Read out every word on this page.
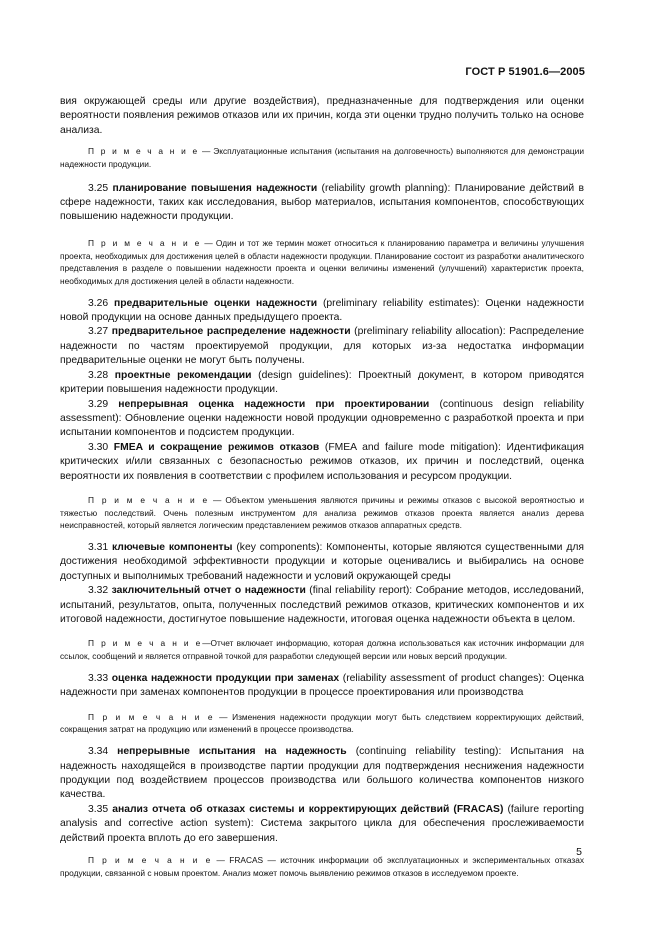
ГОСТ Р 51901.6—2005

вия окружающей среды или другие воздействия), предназначенные для подтверждения или оценки вероятности появления режимов отказов или их причин, когда эти оценки трудно получить только на основе анализа.

П р и м е ч а н и е — Эксплуатационные испытания (испытания на долговечность) выполняются для демонстрации надежности продукции.

3.25 планирование повышения надежности (reliability growth planning): Планирование действий в сфере надежности, таких как исследования, выбор материалов, испытания компонентов, способствующих повышению надежности продукции.

П р и м е ч а н и е — Один и тот же термин может относиться к планированию параметра и величины улучшения проекта, необходимых для достижения целей в области надежности продукции. Планирование состоит из разработки аналитического представления в разделе о повышении надежности проекта и оценки величины изменений (улучшений) характеристик проекта, необходимых для достижения целей в области надежности.

3.26 предварительные оценки надежности (preliminary reliability estimates): Оценки надежности новой продукции на основе данных предыдущего проекта.

3.27 предварительное распределение надежности (preliminary reliability allocation): Распределение надежности по частям проектируемой продукции, для которых из-за недостатка информации предварительные оценки не могут быть получены.

3.28 проектные рекомендации (design guidelines): Проектный документ, в котором приводятся критерии повышения надежности продукции.

3.29 непрерывная оценка надежности при проектировании (continuous design reliability assessment): Обновление оценки надежности новой продукции одновременно с разработкой проекта и при испытании компонентов и подсистем продукции.

3.30 FMEA и сокращение режимов отказов (FMEA and failure mode mitigation): Идентификация критических и/или связанных с безопасностью режимов отказов, их причин и последствий, оценка вероятности их появления в соответствии с профилем использования и ресурсом продукции.

П р и м е ч а н и е — Объектом уменьшения являются причины и режимы отказов с высокой вероятностью и тяжестью последствий. Очень полезным инструментом для анализа режимов отказов проекта является анализ дерева неисправностей, который является логическим представлением режимов отказов аппаратных средств.

3.31 ключевые компоненты (key components): Компоненты, которые являются существенными для достижения необходимой эффективности продукции и которые оценивались и выбирались на основе доступных и выполнимых требований надежности и условий окружающей среды

3.32 заключительный отчет о надежности (final reliability report): Собрание методов, исследований, испытаний, результатов, опыта, полученных последствий режимов отказов, критических компонентов и их итоговой надежности, достигнутое повышение надежности, итоговая оценка надежности объекта в целом.

П р и м е ч а н и е—Отчет включает информацию, которая должна использоваться как источник информации для ссылок, сообщений и является отправной точкой для разработки следующей версии или новых версий продукции.

3.33 оценка надежности продукции при заменах (reliability assessment of product changes): Оценка надежности при заменах компонентов продукции в процессе проектирования или производства

П р и м е ч а н и е — Изменения надежности продукции могут быть следствием корректирующих действий, сокращения затрат на продукцию или изменений в процессе производства.

3.34 непрерывные испытания на надежность (continuing reliability testing): Испытания на надежность находящейся в производстве партии продукции для подтверждения неснижения надежности продукции под воздействием процессов производства или большого количества компонентов низкого качества.

3.35 анализ отчета об отказах системы и корректирующих действий (FRACAS) (failure reporting analysis and corrective action system): Система закрытого цикла для обеспечения прослеживаемости действий проекта вплоть до его завершения.

П р и м е ч а н и е — FRACAS — источник информации об эксплуатационных и экспериментальных отказах продукции, связанной с новым проектом. Анализ может помочь выявлению режимов отказов в исследуемом проекте.

5
